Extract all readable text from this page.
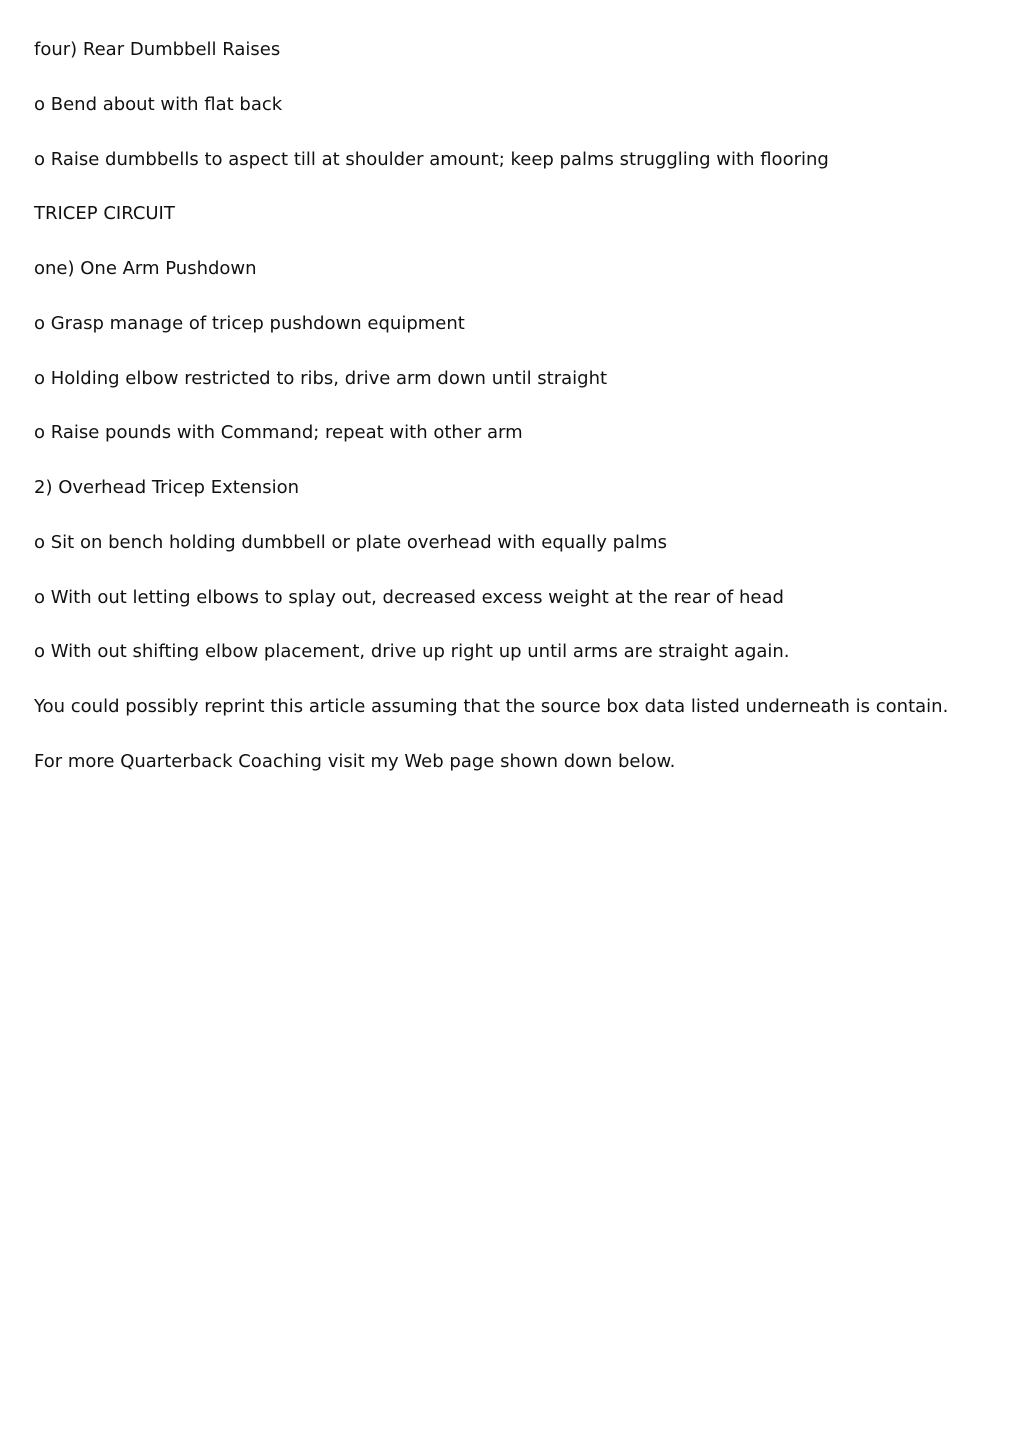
four) Rear Dumbbell Raises

o Bend about with flat back

o Raise dumbbells to aspect till at shoulder amount; keep palms struggling with flooring

TRICEP CIRCUIT

one) One Arm Pushdown

o Grasp manage of tricep pushdown equipment

o Holding elbow restricted to ribs, drive arm down until straight

o Raise pounds with Command; repeat with other arm

2) Overhead Tricep Extension

o Sit on bench holding dumbbell or plate overhead with equally palms

o With out letting elbows to splay out, decreased excess weight at the rear of head

o With out shifting elbow placement, drive up right up until arms are straight again.

You could possibly reprint this article assuming that the source box data listed underneath is contain.

For more Quarterback Coaching visit my Web page shown down below.
